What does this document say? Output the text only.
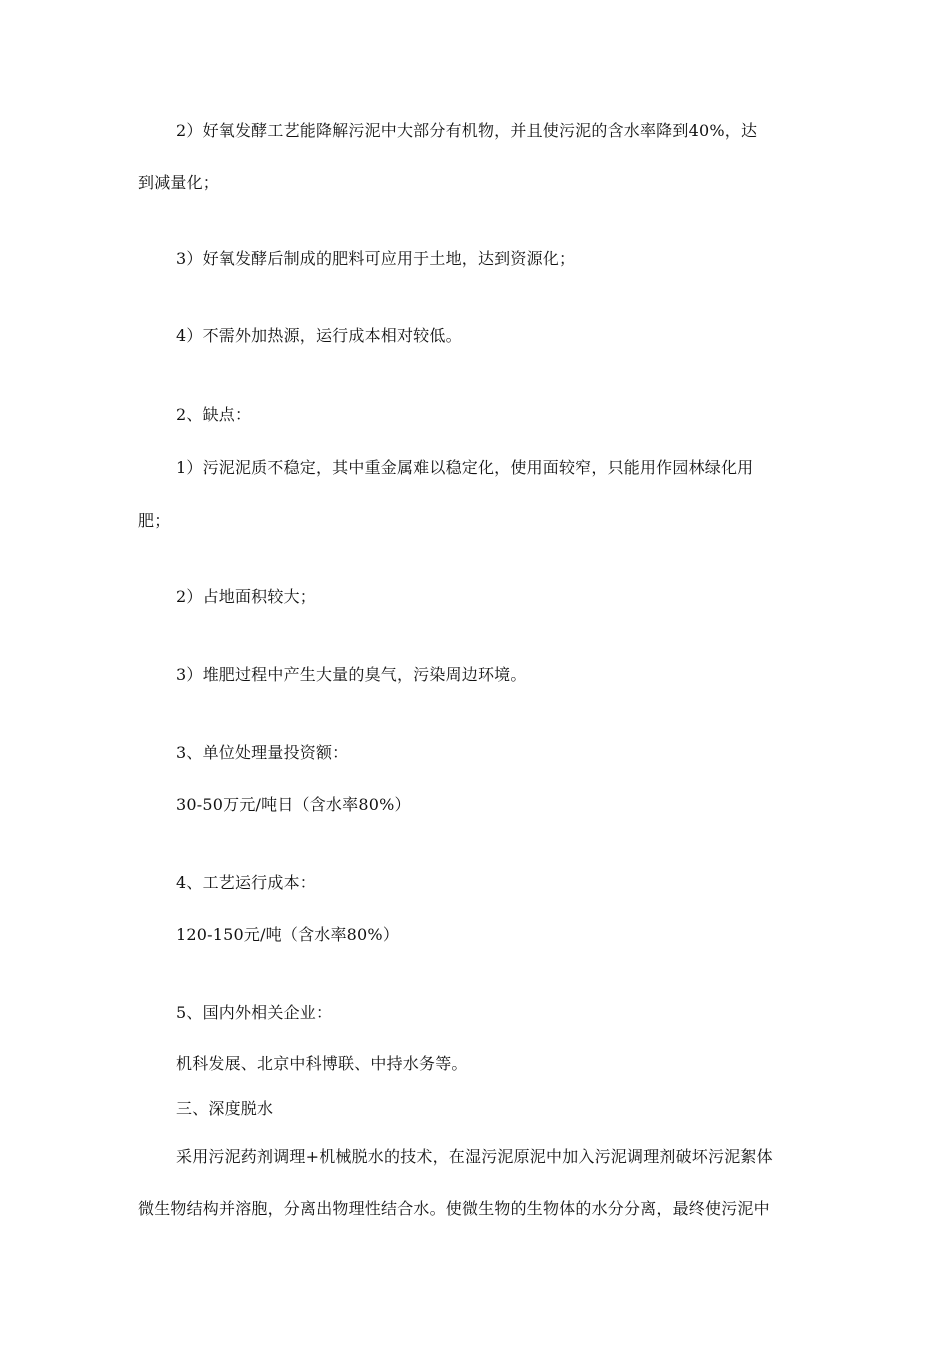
2）好氧发酵工艺能降解污泥中大部分有机物，并且使污泥的含水率降到40%，达
到减量化；
3）好氧发酵后制成的肥料可应用于土地，达到资源化；
4）不需外加热源，运行成本相对较低。
2、缺点：
1）污泥泥质不稳定，其中重金属难以稳定化，使用面较窄，只能用作园林绿化用
肥；
2）占地面积较大；
3）堆肥过程中产生大量的臭气，污染周边环境。
3、单位处理量投资额：
30-50万元/吨日（含水率80%）
4、工艺运行成本：
120-150元/吨（含水率80%）
5、国内外相关企业：
机科发展、北京中科博联、中持水务等。
三、深度脱水
采用污泥药剂调理+机械脱水的技术，在湿污泥原泥中加入污泥调理剂破坏污泥絮体
微生物结构并溶胞，分离出物理性结合水。使微生物的生物体的水分分离，最终使污泥中
